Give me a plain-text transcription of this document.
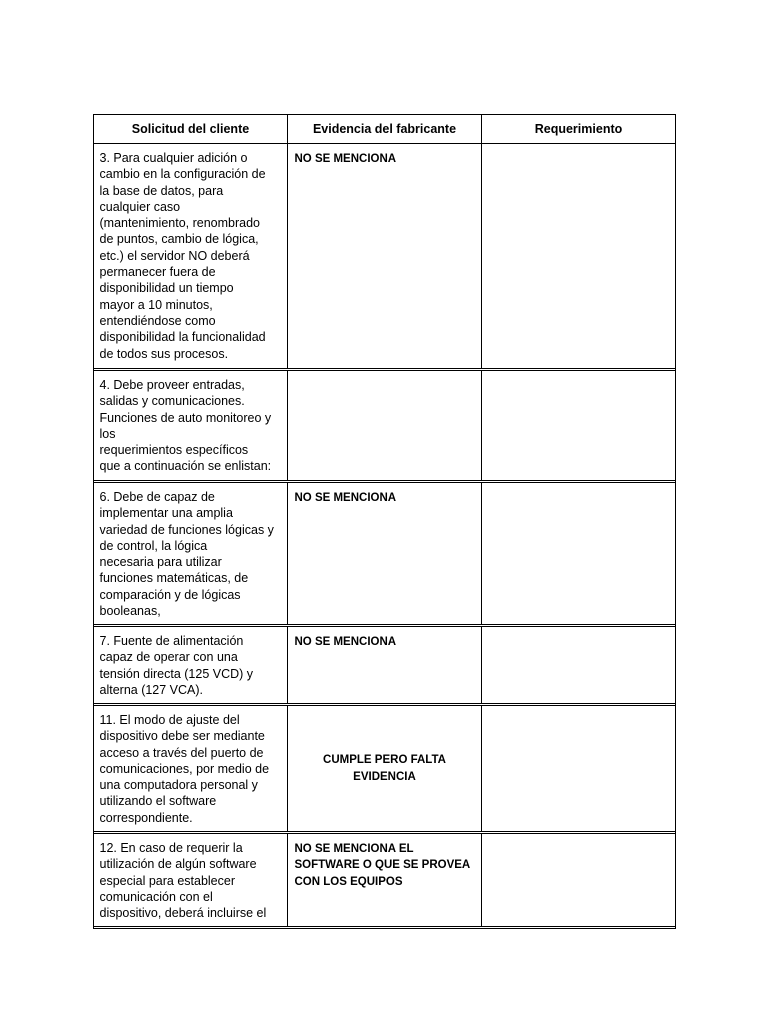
Solicitud del cliente	Evidencia del fabricante	Requerimiento
3. Para cualquier adición o
cambio en la configuración de
la base de datos, para
cualquier caso
(mantenimiento, renombrado
de puntos, cambio de lógica,
etc.) el servidor NO deberá
permanecer fuera de
disponibilidad un tiempo
mayor a 10 minutos,
entendiéndose como
disponibilidad la funcionalidad
de todos sus procesos.
NO SE MENCIONA
4. Debe proveer entradas,
salidas y comunicaciones.
Funciones de auto monitoreo y
los
requerimientos específicos
que a continuación se enlistan:
6. Debe de capaz de
implementar una amplia
variedad de funciones lógicas y
de control, la lógica
necesaria para utilizar
funciones matemáticas, de
comparación y de lógicas
booleanas,
NO SE MENCIONA
7. Fuente de alimentación
capaz de operar con una
tensión directa (125 VCD) y
alterna (127 VCA).
NO SE MENCIONA
11. El modo de ajuste del
dispositivo debe ser mediante
acceso a través del puerto de
comunicaciones, por medio de
una computadora personal y
utilizando el software
correspondiente.
CUMPLE PERO FALTA
EVIDENCIA
12. En caso de requerir la
utilización de algún software
especial para establecer
comunicación con el
dispositivo, deberá incluirse el
NO SE MENCIONA EL
SOFTWARE O QUE SE PROVEA
CON LOS EQUIPOS
